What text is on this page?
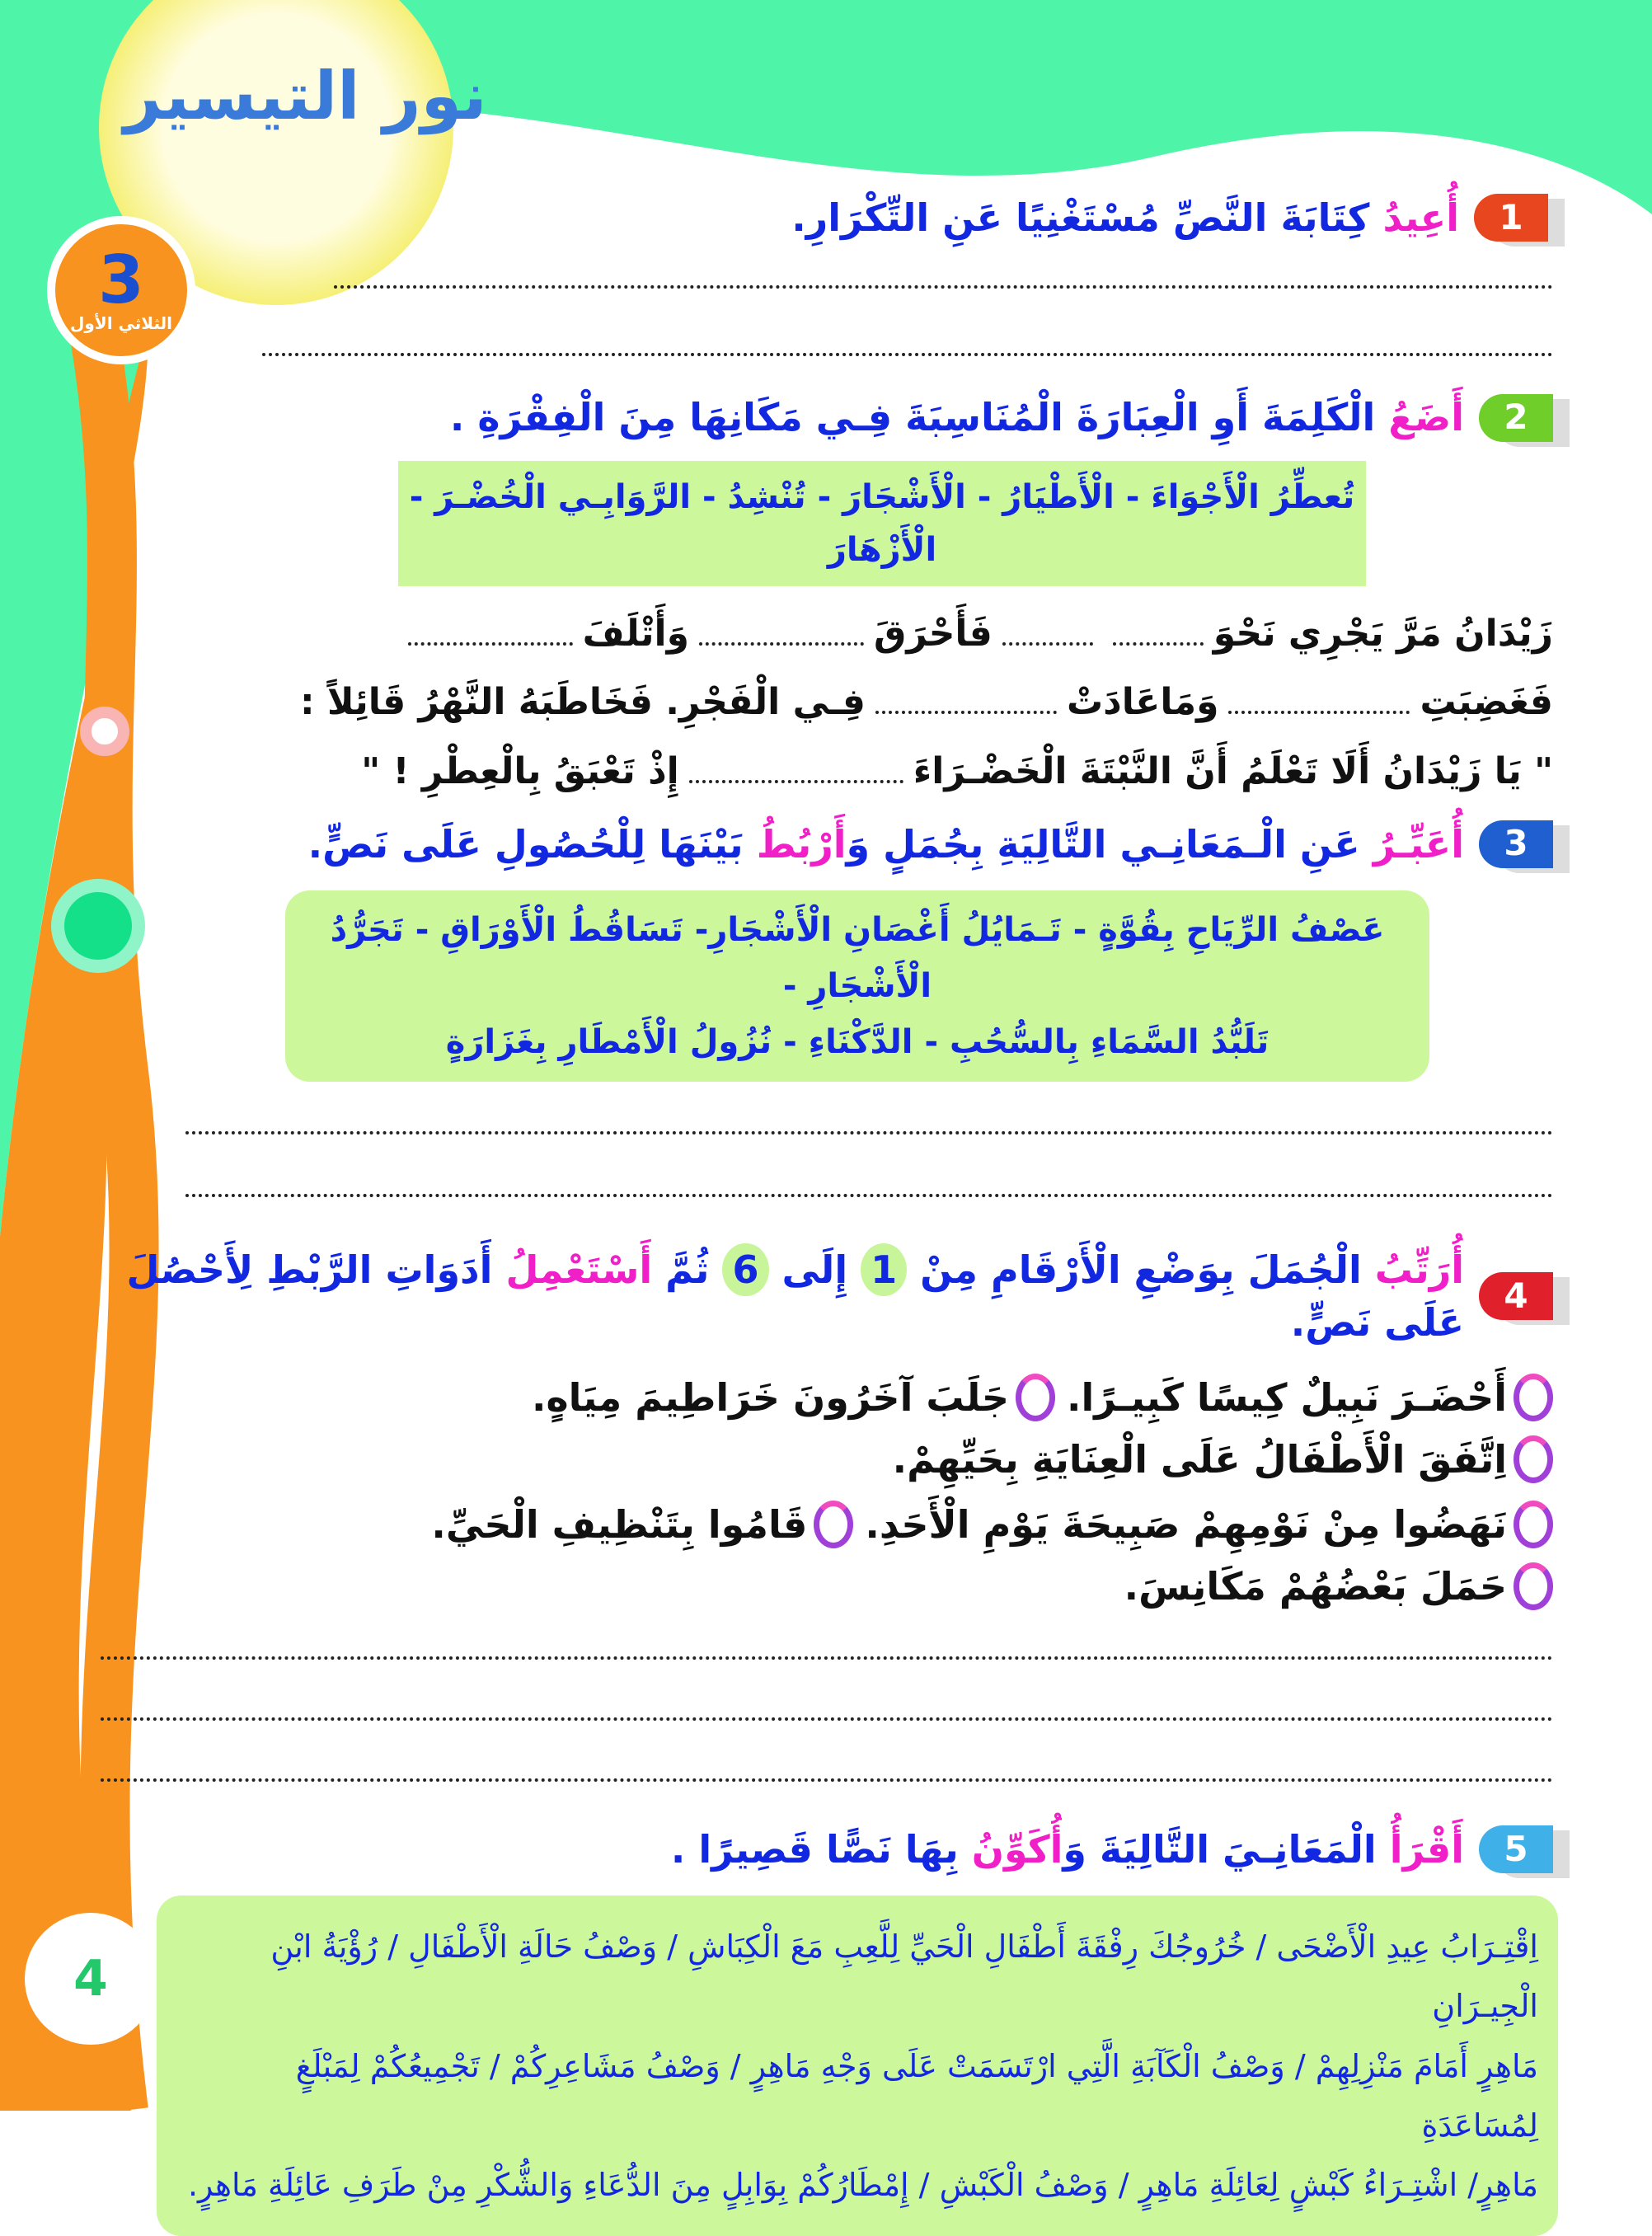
نور التيسير
3
الثلاثي الأول
4
1
أُعِيدُ كِتَابَةَ النَّصِّ مُسْتَغْنِيًا عَنِ التِّكْرَارِ.
2
أَضَعُ الْكَلِمَةَ أَوِ الْعِبَارَةَ الْمُنَاسِبَةَ فِـي مَكَانِهَا مِنَ الْفِقْرَةِ .
تُعطِّرُ الْأَجْوَاءَ - الْأَطْيَارُ - الْأَشْجَارَ - تُنْشِدُ - الرَّوَابِـي الْخُضْـرَ - الْأَزْهَارَ
زَيْدَانُ مَرَّ يَجْرِي نَحْوَفَأَحْرَقَوَأَتْلَفَ
فَغَضِبَتِوَمَاعَادَتْفِـي الْفَجْرِ. فَخَاطَبَهُ النَّهْرُ قَائِلاً :
" يَا زَيْدَانُ أَلَا تَعْلَمُ أَنَّ النَّبْتَةَ الْخَضْـرَاءَإِذْ تَعْبَقُ بِالْعِطْرِ ! "
3
أُعَبِّـرُ عَنِ الْـمَعَانِـي التَّالِيَةِ بِجُمَلٍ وَأَرْبُطُ بَيْنَهَا لِلْحُصُولِ عَلَى نَصٍّ.
عَصْفُ الرِّيَاحِ بِقُوَّةٍ - تَـمَايُلُ أَغْصَانِ الْأَشْجَارِ- تَسَاقُطُ الْأَوْرَاقِ - تَجَرُّدُ الْأَشْجَارِ -
تَلَبُّدُ السَّمَاءِ بِالسُّحُبِ - الدَّكْنَاءِ - نُزُولُ الْأَمْطَارِ بِغَزَارَةٍ
4
أُرَتِّبُ الْجُمَلَ بِوَضْعِ الْأَرْقَامِ مِنْ 1 إِلَى 6 ثُمَّ أَسْتَعْمِلُ أَدَوَاتِ الرَّبْطِ لِأَحْصُلَ عَلَى نَصٍّ.
أَحْضَـرَ نَبِيلٌ كِيسًا كَبِيـرًا.
جَلَبَ آخَرُونَ خَرَاطِيمَ مِيَاهٍ.
اِتَّفَقَ الْأَطْفَالُ عَلَى الْعِنَايَةِ بِحَيِّهِمْ.
نَهَضُوا مِنْ نَوْمِهِمْ صَبِيحَةَ يَوْمِ الْأَحَدِ.
قَامُوا بِتَنْظِيفِ الْحَيِّ.
حَمَلَ بَعْضُهُمْ مَكَانِسَ.
5
أَقْرَأُ الْمَعَانِـيَ التَّالِيَةَ وَأُكَوِّنُ بِهَا نَصًّا قَصِيرًا .
اِقْتِـرَابُ عِيدِ الْأَضْحَى / خُرُوجُكَ رِفْقَةَ أَطْفَالِ الْحَيِّ لِلَّعِبِ مَعَ الْكِبَاشِ / وَصْفُ حَالَةِ الْأَطْفَالِ / رُؤْيَةُ ابْنِ الْجِيـرَانِ
مَاهِرٍ أَمَامَ مَنْزِلِهِمْ / وَصْفُ الْكَآبَةِ الَّتِي ارْتَسَمَتْ عَلَى وَجْهِ مَاهِرٍ / وَصْفُ مَشَاعِرِكُمْ / تَجْمِيعُكُمْ لِمَبْلَغٍ لِمُسَاعَدَةِ
مَاهِرٍ/ اشْتِـرَاءُ كَبْشٍ لِعَائِلَةِ مَاهِرٍ / وَصْفُ الْكَبْشِ / إِمْطَارُكُمْ بِوَابِلٍ مِنَ الدُّعَاءِ وَالشُّكْرِ مِنْ طَرَفِ عَائِلَةِ مَاهِرٍ.
